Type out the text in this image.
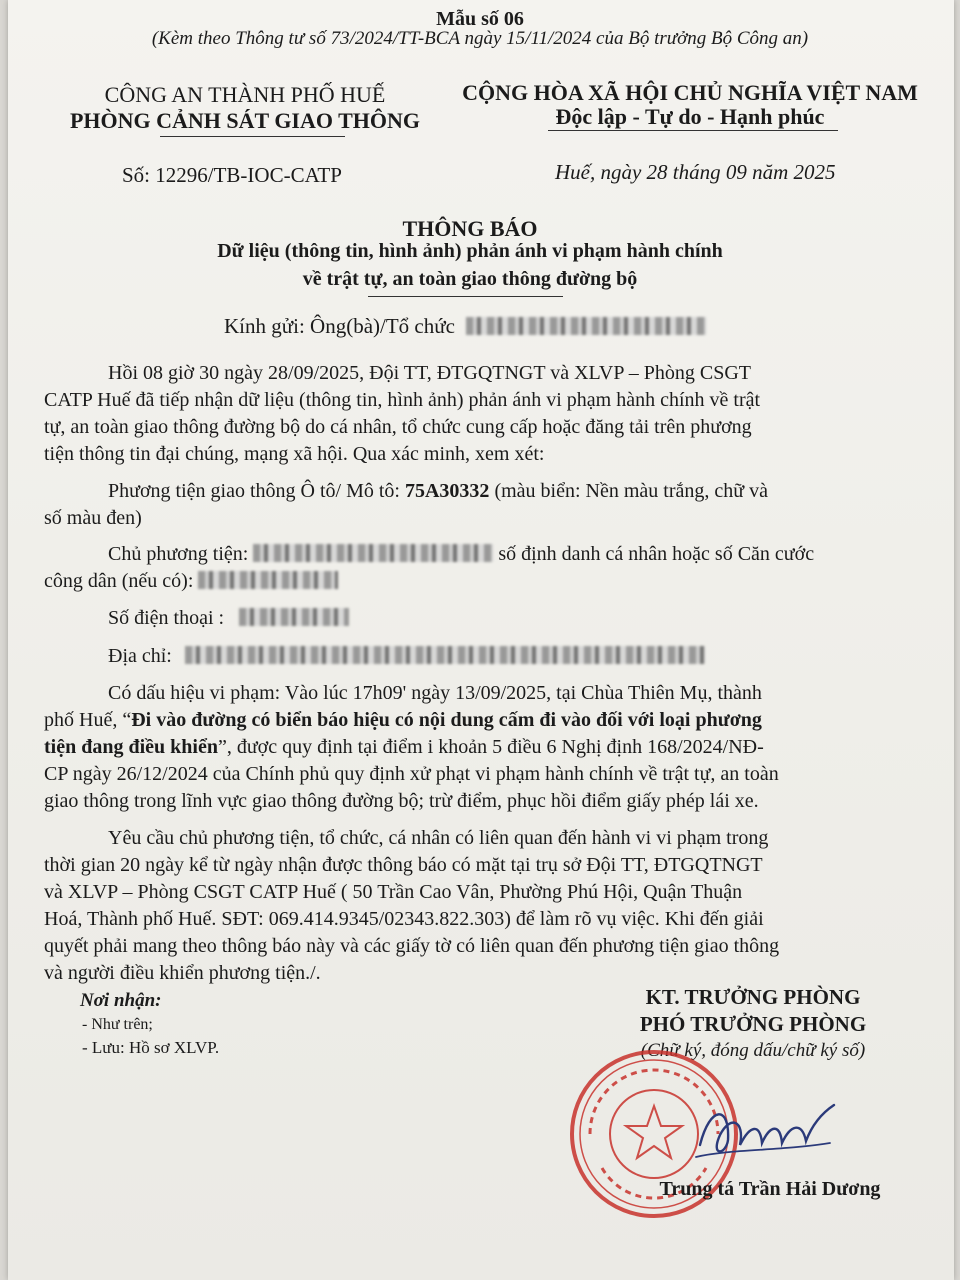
Mẫu số 06
(Kèm theo Thông tư số 73/2024/TT-BCA ngày 15/11/2024 của Bộ trưởng Bộ Công an)
CÔNG AN THÀNH PHỐ HUẾ
PHÒNG CẢNH SÁT GIAO THÔNG
CỘNG HÒA XÃ HỘI CHỦ NGHĨA VIỆT NAM
Độc lập - Tự do - Hạnh phúc
Số: 12296/TB-IOC-CATP	Huế, ngày 28 tháng 09 năm 2025
THÔNG BÁO
Dữ liệu (thông tin, hình ảnh) phản ánh vi phạm hành chính
về trật tự, an toàn giao thông đường bộ
Kính gửi: Ông(bà)/Tổ chức
Hồi 08 giờ 30 ngày 28/09/2025, Đội TT, ĐTGQTNGT và XLVP – Phòng CSGT
CATP Huế đã tiếp nhận dữ liệu (thông tin, hình ảnh) phản ánh vi phạm hành chính về trật
tự, an toàn giao thông đường bộ do cá nhân, tổ chức cung cấp hoặc đăng tải trên phương
tiện thông tin đại chúng, mạng xã hội. Qua xác minh, xem xét:
Phương tiện giao thông Ô tô/ Mô tô: 75A30332 (màu biển: Nền màu trắng, chữ và
số màu đen)
Chủ phương tiện:	số định danh cá nhân hoặc số Căn cước
công dân (nếu có):
Số điện thoại :
Địa chỉ:
Có dấu hiệu vi phạm: Vào lúc 17h09' ngày 13/09/2025, tại Chùa Thiên Mụ, thành
phố Huế, “Đi vào đường có biển báo hiệu có nội dung cấm đi vào đối với loại phương
tiện đang điều khiển”, được quy định tại điểm i khoản 5 điều 6 Nghị định 168/2024/NĐ-
CP ngày 26/12/2024 của Chính phủ quy định xử phạt vi phạm hành chính về trật tự, an toàn
giao thông trong lĩnh vực giao thông đường bộ; trừ điểm, phục hồi điểm giấy phép lái xe.
Yêu cầu chủ phương tiện, tổ chức, cá nhân có liên quan đến hành vi vi phạm trong
thời gian 20 ngày kể từ ngày nhận được thông báo có mặt tại trụ sở Đội TT, ĐTGQTNGT
và XLVP – Phòng CSGT CATP Huế ( 50 Trần Cao Vân, Phường Phú Hội, Quận Thuận
Hoá, Thành phố Huế. SĐT: 069.414.9345/02343.822.303) để làm rõ vụ việc. Khi đến giải
quyết phải mang theo thông báo này và các giấy tờ có liên quan đến phương tiện giao thông
và người điều khiển phương tiện./.
Nơi nhận:
- Như trên;
- Lưu: Hồ sơ XLVP.
KT. TRƯỞNG PHÒNG
PHÓ TRƯỞNG PHÒNG
(Chữ ký, đóng dấu/chữ ký số)
Trung tá Trần Hải Dương
